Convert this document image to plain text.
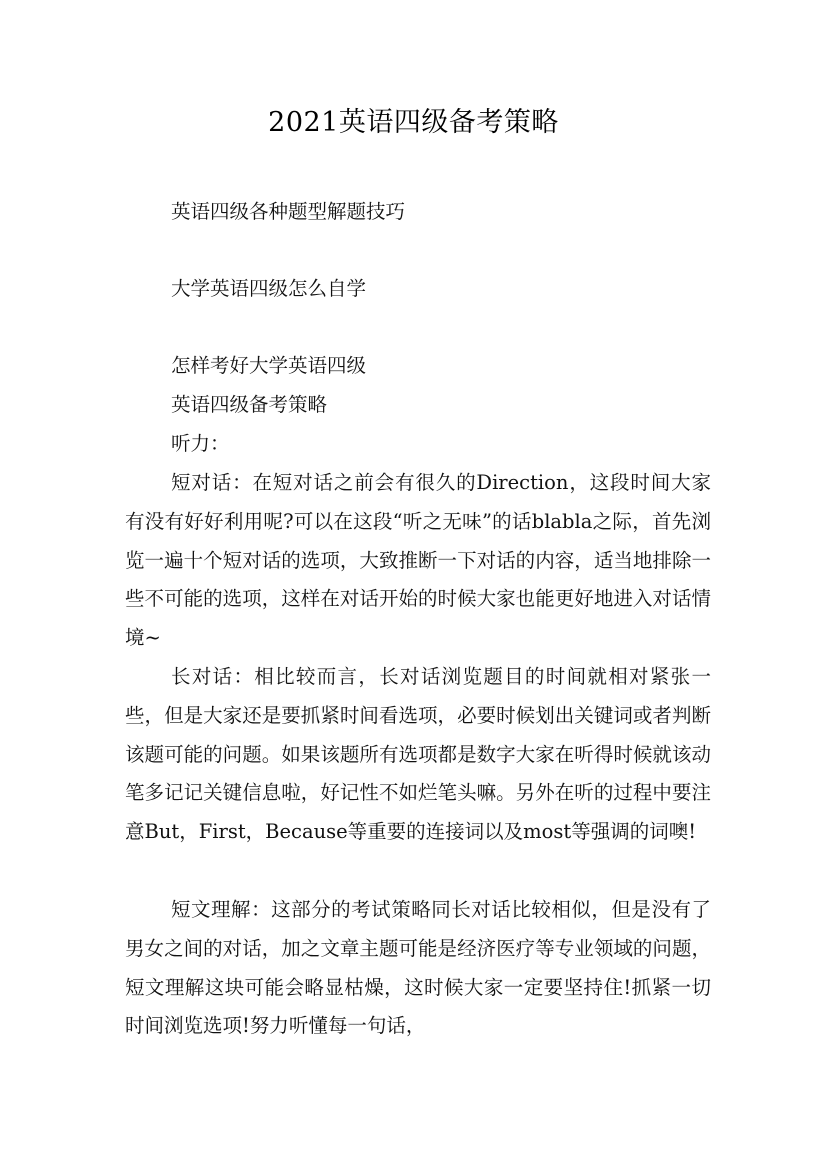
2021英语四级备考策略
英语四级各种题型解题技巧
大学英语四级怎么自学
怎样考好大学英语四级
英语四级备考策略
听力：

短对话：在短对话之前会有很久的Direction，这段时间大家有没有好好利用呢?可以在这段“听之无味”的话blabla之际，首先浏览一遍十个短对话的选项，大致推断一下对话的内容，适当地排除一些不可能的选项，这样在对话开始的时候大家也能更好地进入对话情境~

长对话：相比较而言，长对话浏览题目的时间就相对紧张一些，但是大家还是要抓紧时间看选项，必要时候划出关键词或者判断该题可能的问题。如果该题所有选项都是数字大家在听得时候就该动笔多记记关键信息啦，好记性不如烂笔头嘛。另外在听的过程中要注意But，First，Because等重要的连接词以及most等强调的词噢!

短文理解：这部分的考试策略同长对话比较相似，但是没有了男女之间的对话，加之文章主题可能是经济医疗等专业领域的问题，短文理解这块可能会略显枯燥，这时候大家一定要坚持住!抓紧一切时间浏览选项!努力听懂每一句话，
